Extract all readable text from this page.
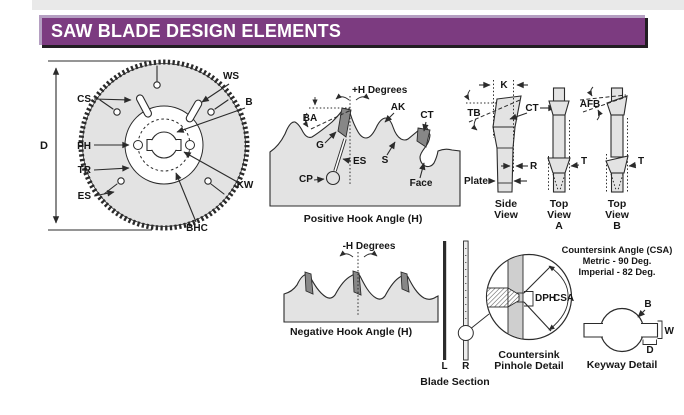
SAW BLADE DESIGN ELEMENTS
D
CS
PH
TR
ES
WS
B
KW
BHC
+H Degrees
BA
G
ES
CP
AK
CT
S
Face
Positive Hook Angle (H)
-H Degrees
Negative Hook Angle (H)
K
TB	CT
R
Plate
Side
View
T
Top
View
A
AFB
T
Top
View
B
L R
Blade Section
DPH
CSA
Countersink Angle (CSA)
Metric - 90 Deg.
Imperial - 82 Deg.
Countersink
Pinhole Detail
W
D
B
Keyway Detail
